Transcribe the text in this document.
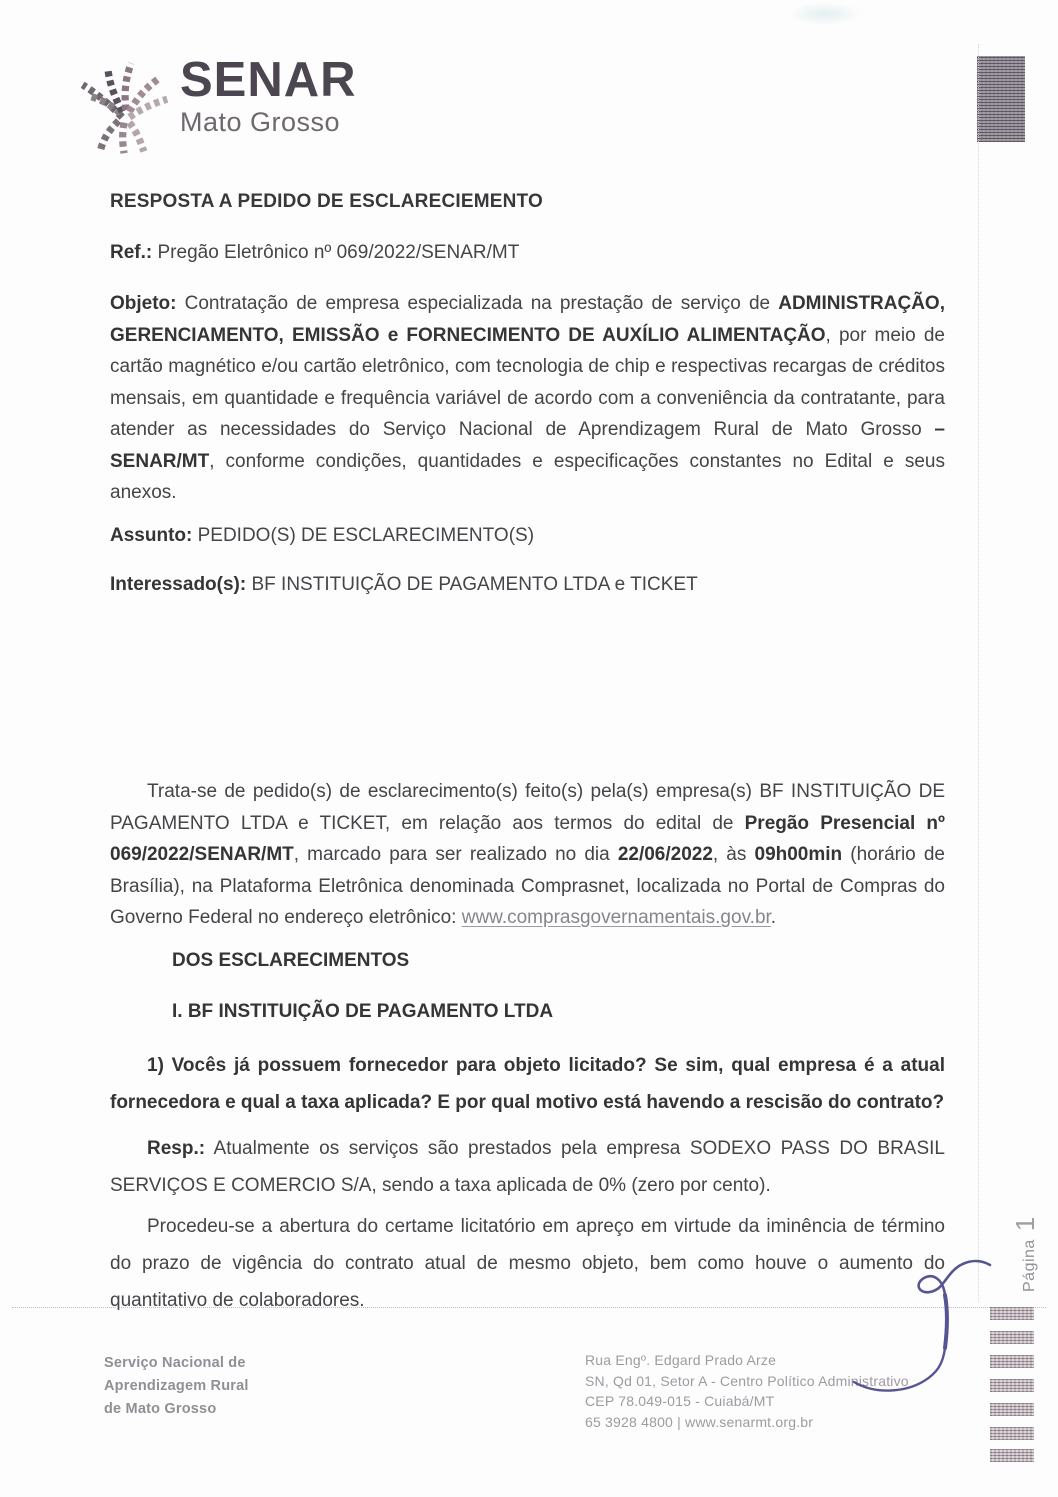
SENAR
Mato Grosso
RESPOSTA A PEDIDO DE ESCLARECIEMENTO
Ref.: Pregão Eletrônico nº 069/2022/SENAR/MT
Objeto: Contratação de empresa especializada na prestação de serviço de ADMINISTRAÇÃO, GERENCIAMENTO, EMISSÃO e FORNECIMENTO DE AUXÍLIO ALIMENTAÇÃO, por meio de cartão magnético e/ou cartão eletrônico, com tecnologia de chip e respectivas recargas de créditos mensais, em quantidade e frequência variável de acordo com a conveniência da contratante, para atender as necessidades do Serviço Nacional de Aprendizagem Rural de Mato Grosso – SENAR/MT, conforme condições, quantidades e especificações constantes no Edital e seus anexos.
Assunto: PEDIDO(S) DE ESCLARECIMENTO(S)
Interessado(s): BF INSTITUIÇÃO DE PAGAMENTO LTDA e TICKET
Trata-se de pedido(s) de esclarecimento(s) feito(s) pela(s) empresa(s) BF INSTITUIÇÃO DE PAGAMENTO LTDA e TICKET, em relação aos termos do edital de Pregão Presencial nº 069/2022/SENAR/MT, marcado para ser realizado no dia 22/06/2022, às 09h00min (horário de Brasília), na Plataforma Eletrônica denominada Comprasnet, localizada no Portal de Compras do Governo Federal no endereço eletrônico: www.comprasgovernamentais.gov.br.
DOS ESCLARECIMENTOS
I. BF INSTITUIÇÃO DE PAGAMENTO LTDA
1) Vocês já possuem fornecedor para objeto licitado? Se sim, qual empresa é a atual fornecedora e qual a taxa aplicada? E por qual motivo está havendo a rescisão do contrato?
Resp.: Atualmente os serviços são prestados pela empresa SODEXO PASS DO BRASIL SERVIÇOS E COMERCIO S/A, sendo a taxa aplicada de 0% (zero por cento).
Procedeu-se a abertura do certame licitatório em apreço em virtude da iminência de término do prazo de vigência do contrato atual de mesmo objeto, bem como houve o aumento do quantitativo de colaboradores.
Serviço Nacional de
Aprendizagem Rural
de Mato Grosso
Rua Engº. Edgard Prado Arze
SN, Qd 01, Setor A - Centro Político Administrativo
CEP 78.049-015 - Cuiabá/MT
65 3928 4800 | www.senarmt.org.br
Página1
